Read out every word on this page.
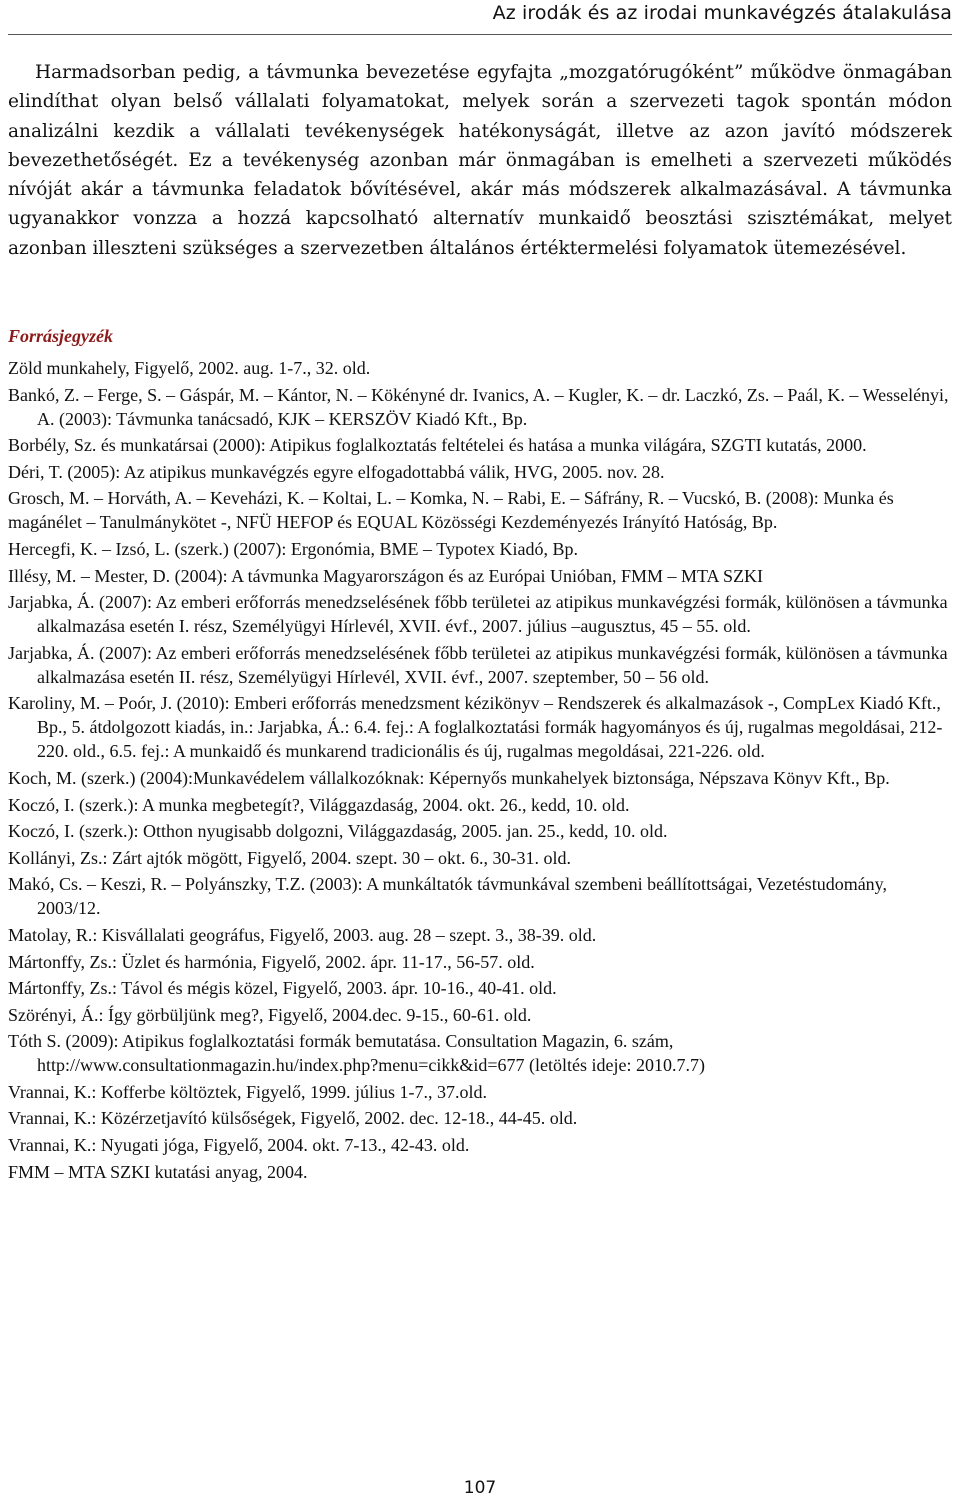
Az irodák és az irodai munkavégzés átalakulása

Harmadsorban pedig, a távmunka bevezetése egyfajta „mozgatórugóként” működve önmagában elindíthat olyan belső vállalati folyamatokat, melyek során a szervezeti tagok spontán módon analizálni kezdik a vállalati tevékenységek hatékonyságát, illetve az azon javító módszerek bevezethetőségét. Ez a tevékenység azonban már önmagában is emelheti a szervezeti működés nívóját akár a távmunka feladatok bővítésével, akár más módszerek alkalmazásával. A távmunka ugyanakkor vonzza a hozzá kapcsolható alternatív munkaidő beosztási szisztémákat, melyet azonban illeszteni szükséges a szervezetben általános értéktermelési folyamatok ütemezésével.

Forrásjegyzék
Zöld munkahely, Figyelő, 2002. aug. 1-7., 32. old.
Bankó, Z. – Ferge, S. – Gáspár, M. – Kántor, N. – Kökényné dr. Ivanics, A. – Kugler, K. – dr. Laczkó, Zs. – Paál, K. – Wesselényi, A. (2003): Távmunka tanácsadó, KJK – KERSZÖV Kiadó Kft., Bp.
Borbély, Sz. és munkatársai (2000): Atipikus foglalkoztatás feltételei és hatása a munka világára, SZGTI kutatás, 2000.
Déri, T. (2005): Az atipikus munkavégzés egyre elfogadottabbá válik, HVG, 2005. nov. 28.
Grosch, M. – Horváth, A. – Keveházi, K. – Koltai, L. – Komka, N. – Rabi, E. – Sáfrány, R. – Vucskó, B. (2008): Munka és magánélet – Tanulmánykötet -, NFÜ HEFOP és EQUAL Közösségi Kezdeményezés Irányító Hatóság, Bp.
Hercegfi, K. – Izsó, L. (szerk.) (2007): Ergonómia, BME – Typotex Kiadó, Bp.
Illésy, M. – Mester, D. (2004): A távmunka Magyarországon és az Európai Unióban, FMM – MTA SZKI
Jarjabka, Á. (2007): Az emberi erőforrás menedzselésének főbb területei az atipikus munkavégzési formák, különösen a távmunka alkalmazása esetén I. rész, Személyügyi Hírlevél, XVII. évf., 2007. július –augusztus, 45 – 55. old.
Jarjabka, Á. (2007): Az emberi erőforrás menedzselésének főbb területei az atipikus munkavégzési formák, különösen a távmunka alkalmazása esetén II. rész, Személyügyi Hírlevél, XVII. évf., 2007. szeptember, 50 – 56 old.
Karoliny, M. – Poór, J. (2010): Emberi erőforrás menedzsment kézikönyv – Rendszerek és alkalmazások -, CompLex Kiadó Kft., Bp., 5. átdolgozott kiadás, in.: Jarjabka, Á.: 6.4. fej.: A foglalkoztatási formák hagyományos és új, rugalmas megoldásai, 212-220. old., 6.5. fej.: A munkaidő és munkarend tradicionális és új, rugalmas megoldásai, 221-226. old.
Koch, M. (szerk.) (2004):Munkavédelem vállalkozóknak: Képernyős munkahelyek biztonsága, Népszava Könyv Kft., Bp.
Koczó, I. (szerk.): A munka megbetegít?, Világgazdaság, 2004. okt. 26., kedd, 10. old.
Koczó, I. (szerk.): Otthon nyugisabb dolgozni, Világgazdaság, 2005. jan. 25., kedd, 10. old.
Kollányi, Zs.: Zárt ajtók mögött, Figyelő, 2004. szept. 30 – okt. 6., 30-31. old.
Makó, Cs. – Keszi, R. – Polyánszky, T.Z. (2003): A munkáltatók távmunkával szembeni beállítottságai, Vezetéstudomány, 2003/12.
Matolay, R.: Kisvállalati geográfus, Figyelő, 2003. aug. 28 – szept. 3., 38-39. old.
Mártonffy, Zs.: Üzlet és harmónia, Figyelő, 2002. ápr. 11-17., 56-57. old.
Mártonffy, Zs.: Távol és mégis közel, Figyelő, 2003. ápr. 10-16., 40-41. old.
Szörényi, Á.: Így görbüljünk meg?, Figyelő, 2004.dec. 9-15., 60-61. old.
Tóth S. (2009): Atipikus foglalkoztatási formák bemutatása. Consultation Magazin, 6. szám, http://www.consultationmagazin.hu/index.php?menu=cikk&id=677 (letöltés ideje: 2010.7.7)
Vrannai, K.: Kofferbe költöztek, Figyelő, 1999. július 1-7., 37.old.
Vrannai, K.: Közérzetjavító külsőségek, Figyelő, 2002. dec. 12-18., 44-45. old.
Vrannai, K.: Nyugati jóga, Figyelő, 2004. okt. 7-13., 42-43. old.
FMM – MTA SZKI kutatási anyag, 2004.
107
